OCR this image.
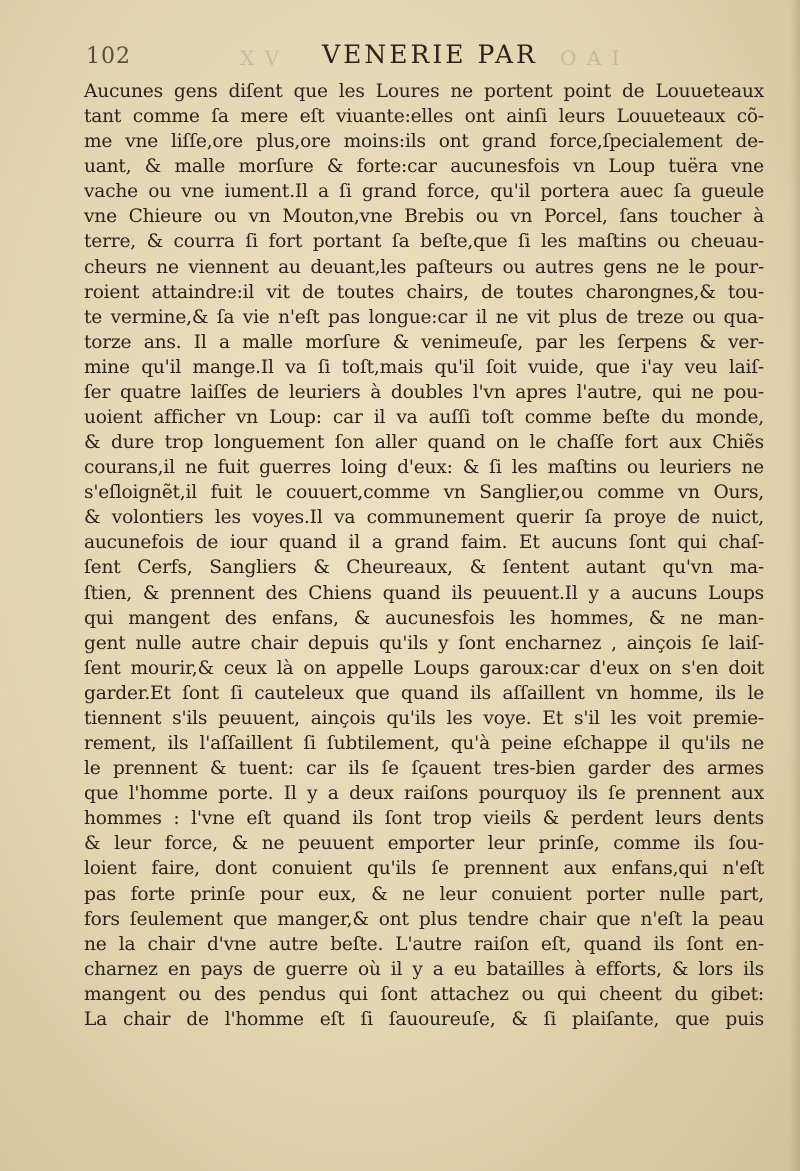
102	X V	VENERIE PAR	O A I
Aucunes gens diſent que les Loures ne portent point de Louueteaux
tant comme ſa mere eſt viuante:elles ont ainſi leurs Louueteaux cõ-
me vne liſſe,ore plus,ore moins:ils ont grand force,ſpecialement de-
uant, & malle morſure & forte:car aucunesfois vn Loup tuëra vne
vache ou vne iument.Il a ſi grand force, qu'il portera auec ſa gueule
vne Chieure ou vn Mouton,vne Brebis ou vn Porcel, ſans toucher à
terre, & courra ſi fort portant ſa beſte,que ſi les maſtins ou cheuau-
cheurs ne viennent au deuant,les paſteurs ou autres gens ne le pour-
roient attaindre:il vit de toutes chairs, de toutes charongnes,& tou-
te vermine,& ſa vie n'eſt pas longue:car il ne vit plus de treze ou qua-
torze ans. Il a malle morſure & venimeuſe, par les ſerpens & ver-
mine qu'il mange.Il va ſi toſt,mais qu'il ſoit vuide, que i'ay veu laiſ-
ſer quatre laiſſes de leuriers à doubles l'vn apres l'autre, qui ne pou-
uoient afficher vn Loup: car il va auſſi toſt comme beſte du monde,
& dure trop longuement ſon aller quand on le chaſſe fort aux Chiẽs
courans,il ne fuit guerres loing d'eux: & ſi les maſtins ou leuriers ne
s'eſloignẽt,il fuit le couuert,comme vn Sanglier,ou comme vn Ours,
& volontiers les voyes.Il va communement querir ſa proye de nuict,
aucunefois de iour quand il a grand faim. Et aucuns ſont qui chaſ-
ſent Cerfs, Sangliers & Cheureaux, & ſentent autant qu'vn ma-
ſtien, & prennent des Chiens quand ils peuuent.Il y a aucuns Loups
qui mangent des enfans, & aucunesfois les hommes, & ne man-
gent nulle autre chair depuis qu'ils y ſont encharnez , ainçois ſe laiſ-
ſent mourir,& ceux là on appelle Loups garoux:car d'eux on s'en doit
garder.Et ſont ſi cauteleux que quand ils aſſaillent vn homme, ils le
tiennent s'ils peuuent, ainçois qu'ils les voye. Et s'il les voit premie-
rement, ils l'aſſaillent ſi ſubtilement, qu'à peine eſchappe il qu'ils ne
le prennent & tuent: car ils ſe ſçauent tres-bien garder des armes
que l'homme porte. Il y a deux raiſons pourquoy ils ſe prennent aux
hommes : l'vne eſt quand ils ſont trop vieils & perdent leurs dents
& leur force, & ne peuuent emporter leur prinſe, comme ils ſou-
loient faire, dont conuient qu'ils ſe prennent aux enfans,qui n'eſt
pas forte prinſe pour eux, & ne leur conuient porter nulle part,
fors ſeulement que manger,& ont plus tendre chair que n'eſt la peau
ne la chair d'vne autre beſte. L'autre raiſon eſt, quand ils ſont en-
charnez en pays de guerre où il y a eu batailles à efforts, & lors ils
mangent ou des pendus qui ſont attachez ou qui cheent du gibet:
La chair de l'homme eſt ſi ſauoureuſe, & ſi plaiſante, que puis
